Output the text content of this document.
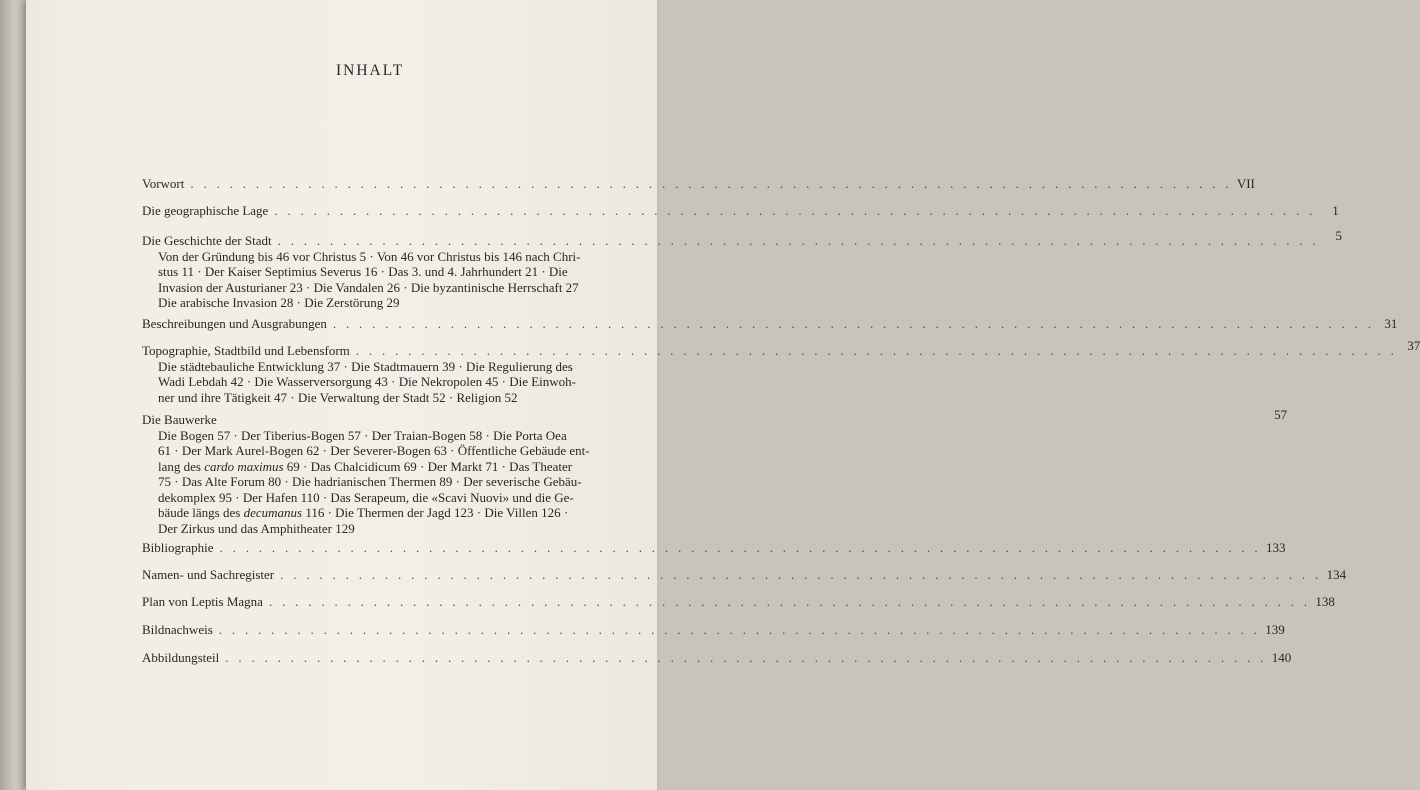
INHALT
Vorwort . . . . . . . . . . . . . . . . . . . . . . . . . . . . . . . . . . . . . . . . . . . . . . . . . . . . . . . . . . . . . . . . . . . . . . . . . . . . . . . . VII
Die geographische Lage . . . . . . . . . . . . . . . . . . . . . . . . . . . . . . . . . . . . . . . . . . . . . . . . . . . . . . . . . . . . . . . . . . . . . . . . . . . . . . . .	1
Die Geschichte der Stadt . . . . . . . . . . . . . . . . . . . . . . . . . . . . . . . . . . . . . . . . . . . . . . . . . . . . . . . . . . . . . . . . . . . . . . . . . . . . . . . .	5
Von der Gründung bis 46 vor Christus 5 · Von 46 vor Christus bis 146 nach Chri-
stus 11 · Der Kaiser Septimius Severus 16 · Das 3. und 4. Jahrhundert 21 · Die
Invasion der Austurianer 23 · Die Vandalen 26 · Die byzantinische Herrschaft 27
Die arabische Invasion 28 · Die Zerstörung 29
Beschreibungen und Ausgrabungen . . . . . . . . . . . . . . . . . . . . . . . . . . . . . . . . . . . . . . . . . . . . . . . . . . . . . . . . . . . . . . . . . . . . . . . . . . . . . . . . 31
Topographie, Stadtbild und Lebensform . . . . . . . . . . . . . . . . . . . . . . . . . . . . . . . . . . . . . . . . . . . . . . . . . . . . . . . . . . . . . . . . . . . . . . . . . . . . . . . . 37
Die städtebauliche Entwicklung 37 · Die Stadtmauern 39 · Die Regulierung des
Wadi Lebdah 42 · Die Wasserversorgung 43 · Die Nekropolen 45 · Die Einwoh-
ner und ihre Tätigkeit 47 · Die Verwaltung der Stadt 52 · Religion 52
Die Bauwerke	57
Die Bogen 57 · Der Tiberius-Bogen 57 · Der Traian-Bogen 58 · Die Porta Oea
61 · Der Mark Aurel-Bogen 62 · Der Severer-Bogen 63 · Öffentliche Gebäude ent-
lang des cardo maximus 69 · Das Chalcidicum 69 · Der Markt 71 · Das Theater
75 · Das Alte Forum 80 · Die hadrianischen Thermen 89 · Der severische Gebäu-
dekomplex 95 · Der Hafen 110 · Das Serapeum, die «Scavi Nuovi» und die Ge-
bäude längs des decumanus 116 · Die Thermen der Jagd 123 · Die Villen 126 ·
Der Zirkus und das Amphitheater 129
Bibliographie . . . . . . . . . . . . . . . . . . . . . . . . . . . . . . . . . . . . . . . . . . . . . . . . . . . . . . . . . . . . . . . . . . . . . . . . . . . . . . . . 133
Namen- und Sachregister . . . . . . . . . . . . . . . . . . . . . . . . . . . . . . . . . . . . . . . . . . . . . . . . . . . . . . . . . . . . . . . . . . . . . . . . . . . . . . . . 134
Plan von Leptis Magna . . . . . . . . . . . . . . . . . . . . . . . . . . . . . . . . . . . . . . . . . . . . . . . . . . . . . . . . . . . . . . . . . . . . . . . . . . . . . . . . 138
Bildnachweis . . . . . . . . . . . . . . . . . . . . . . . . . . . . . . . . . . . . . . . . . . . . . . . . . . . . . . . . . . . . . . . . . . . . . . . . . . . . . . . . 139
Abbildungsteil . . . . . . . . . . . . . . . . . . . . . . . . . . . . . . . . . . . . . . . . . . . . . . . . . . . . . . . . . . . . . . . . . . . . . . . . . . . . . . . . 140
